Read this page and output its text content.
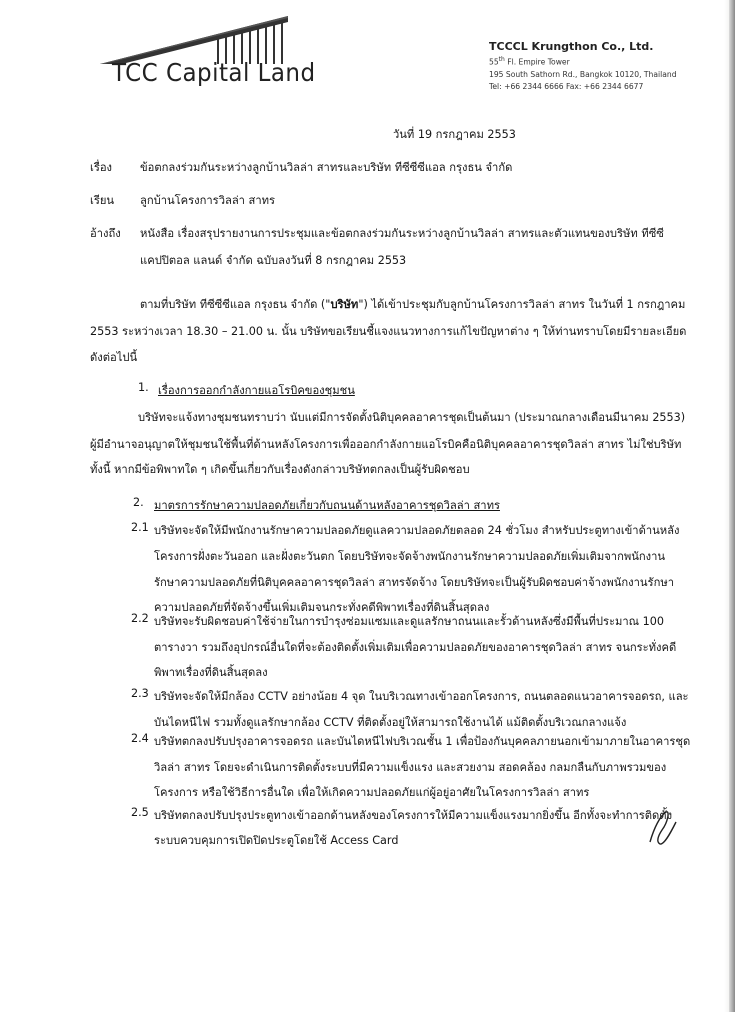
TCC Capital Land
TCCCL Krungthon Co., Ltd.
55th Fl. Empire Tower
195 South Sathorn Rd., Bangkok 10120, Thailand
Tel: +66 2344 6666 Fax: +66 2344 6677
วันที่ 19 กรกฎาคม 2553
เรื่อง ข้อตกลงร่วมกันระหว่างลูกบ้านวิลล่า สาทรและบริษัท ทีซีซีซีแอล กรุงธน จำกัด
เรียน ลูกบ้านโครงการวิลล่า สาทร
อ้างถึง หนังสือ เรื่องสรุปรายงานการประชุมและข้อตกลงร่วมกันระหว่างลูกบ้านวิลล่า สาทรและตัวแทนของบริษัท ทีซีซี
แคปปิตอล แลนด์ จำกัด ฉบับลงวันที่ 8 กรกฎาคม 2553
ตามที่บริษัท ทีซีซีซีแอล กรุงธน จำกัด ("บริษัท") ได้เข้าประชุมกับลูกบ้านโครงการวิลล่า สาทร ในวันที่ 1 กรกฎาคม
2553 ระหว่างเวลา 18.30 – 21.00 น. นั้น บริษัทขอเรียนชี้แจงแนวทางการแก้ไขปัญหาต่าง ๆ ให้ท่านทราบโดยมีรายละเอียด
ดังต่อไปนี้
1. เรื่องการออกกำลังกายแอโรบิคของชุมชน
บริษัทจะแจ้งทางชุมชนทราบว่า นับแต่มีการจัดตั้งนิติบุคคลอาคารชุดเป็นต้นมา (ประมาณกลางเดือนมีนาคม 2553)
ผู้มีอำนาจอนุญาตให้ชุมชนใช้พื้นที่ด้านหลังโครงการเพื่อออกกำลังกายแอโรบิคคือนิติบุคคลอาคารชุดวิลล่า สาทร ไม่ใช่บริษัท
ทั้งนี้ หากมีข้อพิพาทใด ๆ เกิดขึ้นเกี่ยวกับเรื่องดังกล่าวบริษัทตกลงเป็นผู้รับผิดชอบ
2. มาตรการรักษาความปลอดภัยเกี่ยวกับถนนด้านหลังอาคารชุดวิลล่า สาทร
2.1 บริษัทจะจัดให้มีพนักงานรักษาความปลอดภัยดูแลความปลอดภัยตลอด 24 ชั่วโมง สำหรับประตูทางเข้าด้านหลัง
โครงการฝั่งตะวันออก และฝั่งตะวันตก โดยบริษัทจะจัดจ้างพนักงานรักษาความปลอดภัยเพิ่มเติมจากพนักงาน
รักษาความปลอดภัยที่นิติบุคคลอาคารชุดวิลล่า สาทรจัดจ้าง โดยบริษัทจะเป็นผู้รับผิดชอบค่าจ้างพนักงานรักษา
ความปลอดภัยที่จัดจ้างขึ้นเพิ่มเติมจนกระทั่งคดีพิพาทเรื่องที่ดินสิ้นสุดลง
2.2 บริษัทจะรับผิดชอบค่าใช้จ่ายในการบำรุงซ่อมแซมและดูแลรักษาถนนและรั้วด้านหลังซึ่งมีพื้นที่ประมาณ 100
ตารางวา รวมถึงอุปกรณ์อื่นใดที่จะต้องติดตั้งเพิ่มเติมเพื่อความปลอดภัยของอาคารชุดวิลล่า สาทร จนกระทั่งคดี
พิพาทเรื่องที่ดินสิ้นสุดลง
2.3 บริษัทจะจัดให้มีกล้อง CCTV อย่างน้อย 4 จุด ในบริเวณทางเข้าออกโครงการ, ถนนตลอดแนวอาคารจอดรถ, และ
บันไดหนีไฟ รวมทั้งดูแลรักษากล้อง CCTV ที่ติดตั้งอยู่ให้สามารถใช้งานได้ แม้ติดตั้งบริเวณกลางแจ้ง
2.4 บริษัทตกลงปรับปรุงอาคารจอดรถ และบันไดหนีไฟบริเวณชั้น 1 เพื่อป้องกันบุคคลภายนอกเข้ามาภายในอาคารชุด
วิลล่า สาทร โดยจะดำเนินการติดตั้งระบบที่มีความแข็งแรง และสวยงาม สอดคล้อง กลมกลืนกับภาพรวมของ
โครงการ หรือใช้วิธีการอื่นใด เพื่อให้เกิดความปลอดภัยแก่ผู้อยู่อาศัยในโครงการวิลล่า สาทร
2.5 บริษัทตกลงปรับปรุงประตูทางเข้าออกด้านหลังของโครงการให้มีความแข็งแรงมากยิ่งขึ้น อีกทั้งจะทำการติดตั้ง
ระบบควบคุมการเปิดปิดประตูโดยใช้ Access Card
